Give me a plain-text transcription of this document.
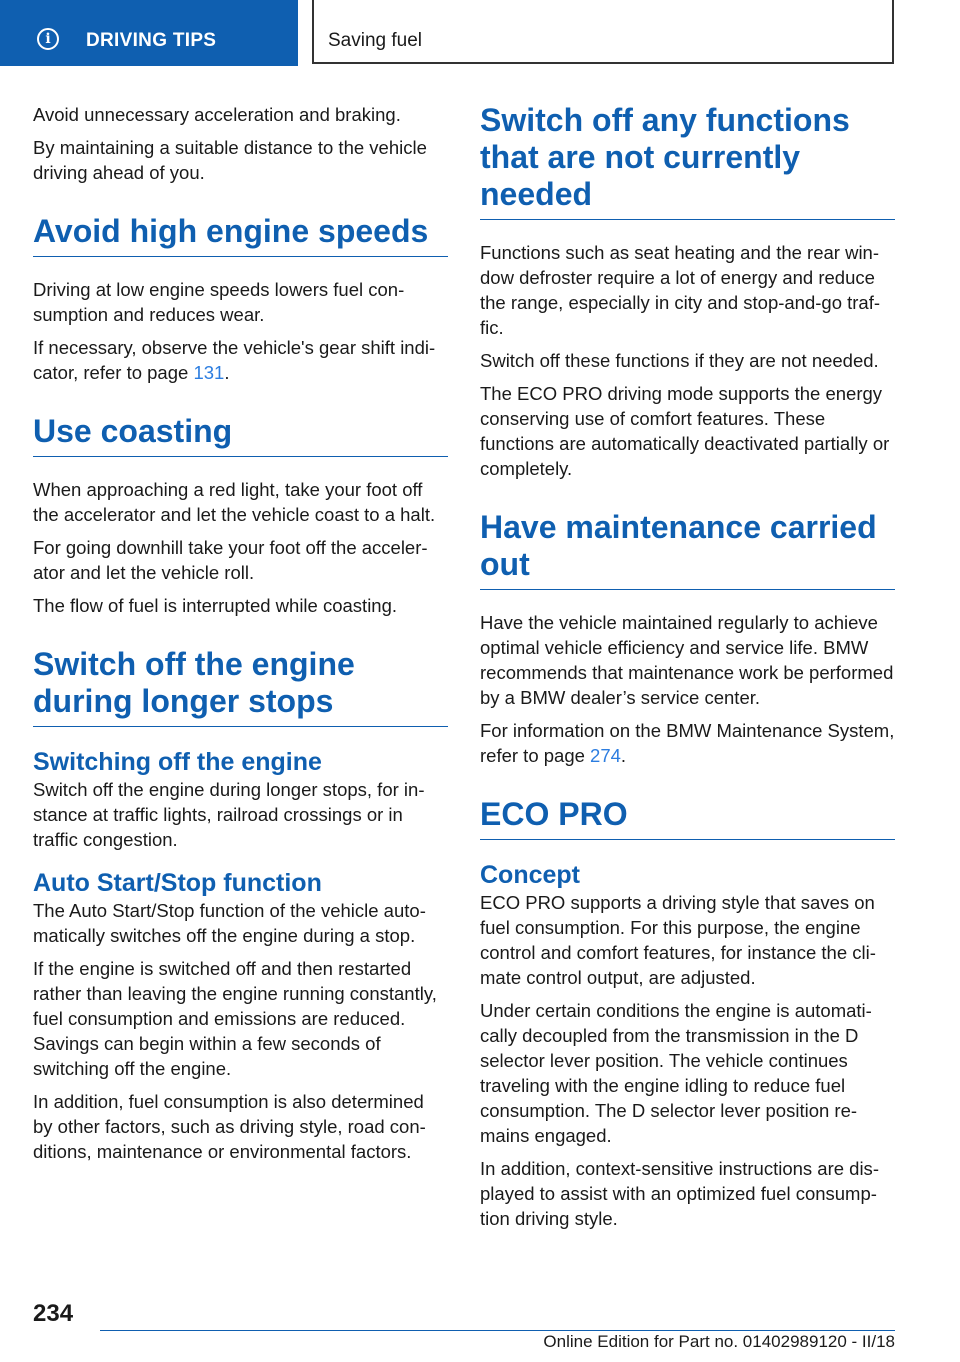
i	DRIVING TIPS	Saving fuel

Avoid unnecessary acceleration and braking.

By maintaining a suitable distance to the vehicle driving ahead of you.

Avoid high engine speeds

Driving at low engine speeds lowers fuel consumption and reduces wear.

If necessary, observe the vehicle's gear shift indicator, refer to page 131.

Use coasting

When approaching a red light, take your foot off the accelerator and let the vehicle coast to a halt.

For going downhill take your foot off the accelerator and let the vehicle roll.

The flow of fuel is interrupted while coasting.

Switch off the engine during longer stops
Switching off the engine

Switch off the engine during longer stops, for instance at traffic lights, railroad crossings or in traffic congestion.

Auto Start/Stop function

The Auto Start/Stop function of the vehicle automatically switches off the engine during a stop.

If the engine is switched off and then restarted rather than leaving the engine running constantly, fuel consumption and emissions are reduced. Savings can begin within a few seconds of switching off the engine.

In addition, fuel consumption is also determined by other factors, such as driving style, road conditions, maintenance or environmental factors.

Switch off any functions that are not currently needed

Functions such as seat heating and the rear window defroster require a lot of energy and reduce the range, especially in city and stop-and-go traffic.

Switch off these functions if they are not needed.

The ECO PRO driving mode supports the energy conserving use of comfort features. These functions are automatically deactivated partially or completely.

Have maintenance carried out

Have the vehicle maintained regularly to achieve optimal vehicle efficiency and service life. BMW recommends that maintenance work be performed by a BMW dealer’s service center.

For information on the BMW Maintenance System, refer to page 274.

ECO PRO
Concept

ECO PRO supports a driving style that saves on fuel consumption. For this purpose, the engine control and comfort features, for instance the climate control output, are adjusted.

Under certain conditions the engine is automatically decoupled from the transmission in the D selector lever position. The vehicle continues traveling with the engine idling to reduce fuel consumption. The D selector lever position remains engaged.

In addition, context-sensitive instructions are displayed to assist with an optimized fuel consumption driving style.

234
Online Edition for Part no. 01402989120 - II/18
